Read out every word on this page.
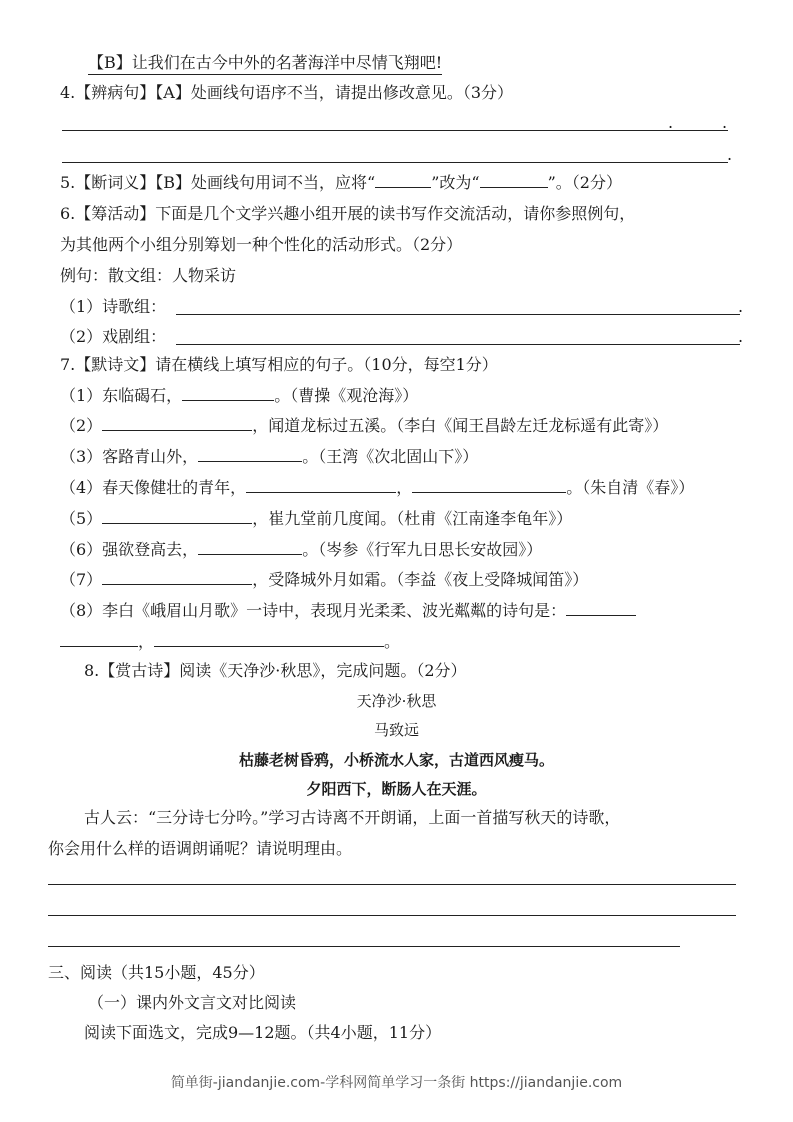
【B】让我们在古今中外的名著海洋中尽情飞翔吧!
4.【辨病句】【A】处画线句语序不当，请提出修改意见。（3分）
.	.
.
5.【断词义】【B】处画线句用词不当，应将“	”改为“	”。（2分）
6.【筹活动】下面是几个文学兴趣小组开展的读书写作交流活动，请你参照例句，
为其他两个小组分别筹划一种个性化的活动形式。（2分）
例句：散文组：人物采访
（1）诗歌组：	.
（2）戏剧组：	.
7.【默诗文】请在横线上填写相应的句子。（10分，每空1分）
（1）东临碣石，	。（曹操《观沧海》）
（2）	，闻道龙标过五溪。（李白《闻王昌龄左迁龙标遥有此寄》）
（3）客路青山外，	。（王湾《次北固山下》）
（4）春天像健壮的青年，	，	。（朱自清《春》）
（5）	，崔九堂前几度闻。（杜甫《江南逢李龟年》）
（6）强欲登高去，	。（岑参《行军九日思长安故园》）
（7）	，受降城外月如霜。（李益《夜上受降城闻笛》）
（8）李白《峨眉山月歌》一诗中，表现月光柔柔、波光粼粼的诗句是：
，	。
8.【赏古诗】阅读《天净沙·秋思》，完成问题。（2分）
天净沙·秋思
马致远
枯藤老树昏鸦，小桥流水人家，古道西风瘦马。
夕阳西下，断肠人在天涯。
古人云：“三分诗七分吟。”学习古诗离不开朗诵，上面一首描写秋天的诗歌，
你会用什么样的语调朗诵呢？请说明理由。
三、阅读（共15小题，45分）
（一）课内外文言文对比阅读
阅读下面选文，完成9—12题。（共4小题，11分）
简单街-jiandanjie.com-学科网简单学习一条街 https://jiandanjie.com
